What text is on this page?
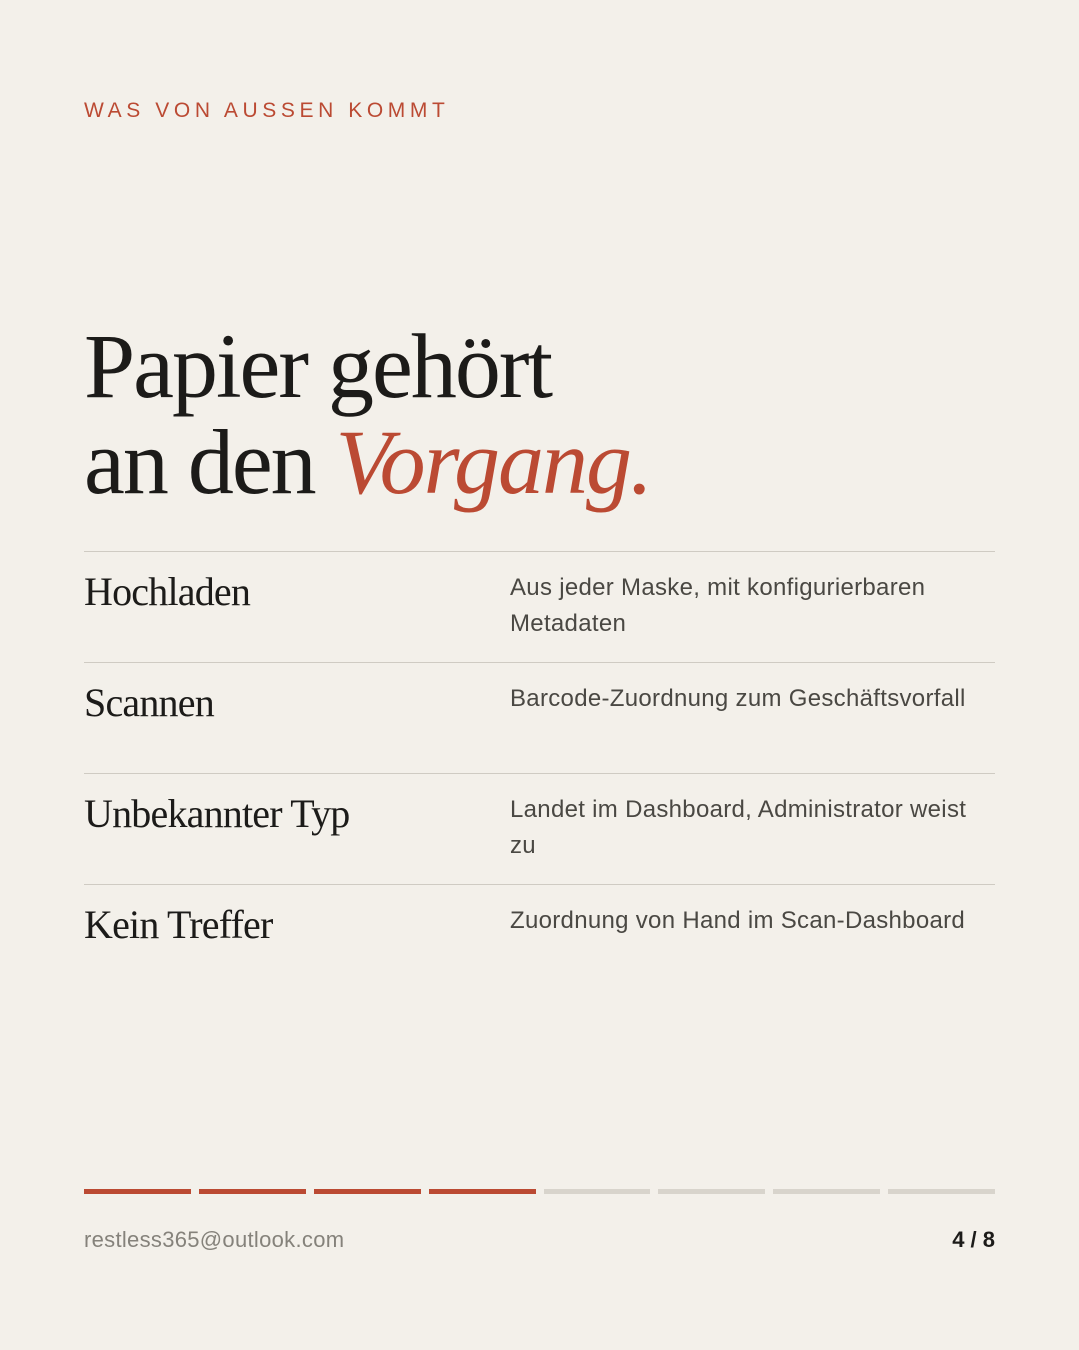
WAS VON AUSSEN KOMMT
Papier gehört
an den Vorgang.
Hochladen	Aus jeder Maske, mit konfigurierbaren Metadaten
Scannen	Barcode-Zuordnung zum Geschäftsvorfall
Unbekannter Typ	Landet im Dashboard, Administrator weist zu
Kein Treffer	Zuordnung von Hand im Scan-Dashboard
restless365@outlook.com	4 / 8
